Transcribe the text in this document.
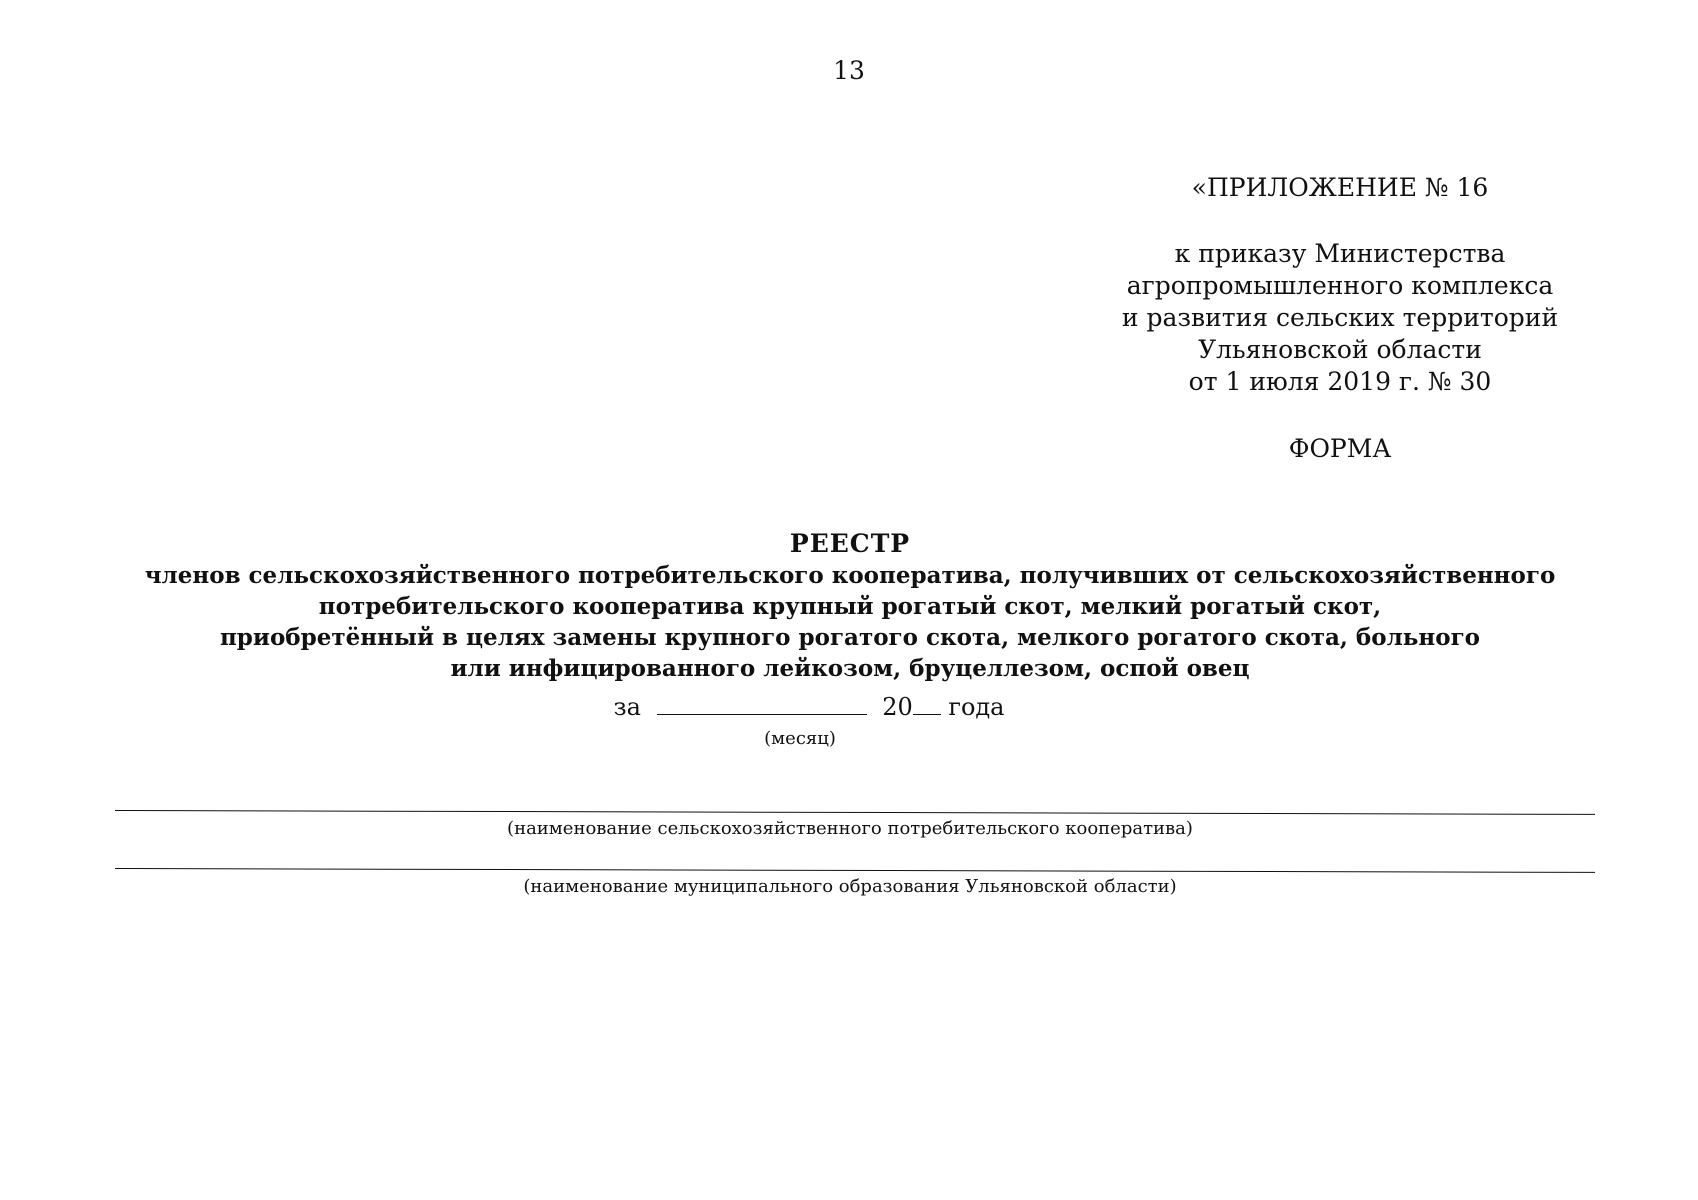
13
«ПРИЛОЖЕНИЕ № 16
к приказу Министерства
агропромышленного комплекса
и развития сельских территорий
Ульяновской области
от 1 июля 2019 г. № 30
ФОРМА
РЕЕСТР
членов сельскохозяйственного потребительского кооператива, получивших от сельскохозяйственного
потребительского кооператива крупный рогатый скот, мелкий рогатый скот,
приобретённый в целях замены крупного рогатого скота, мелкого рогатого скота, больного
или инфицированного лейкозом, бруцеллезом, оспой овец
за	20 года
(месяц)
(наименование сельскохозяйственного потребительского кооператива)
(наименование муниципального образования Ульяновской области)
